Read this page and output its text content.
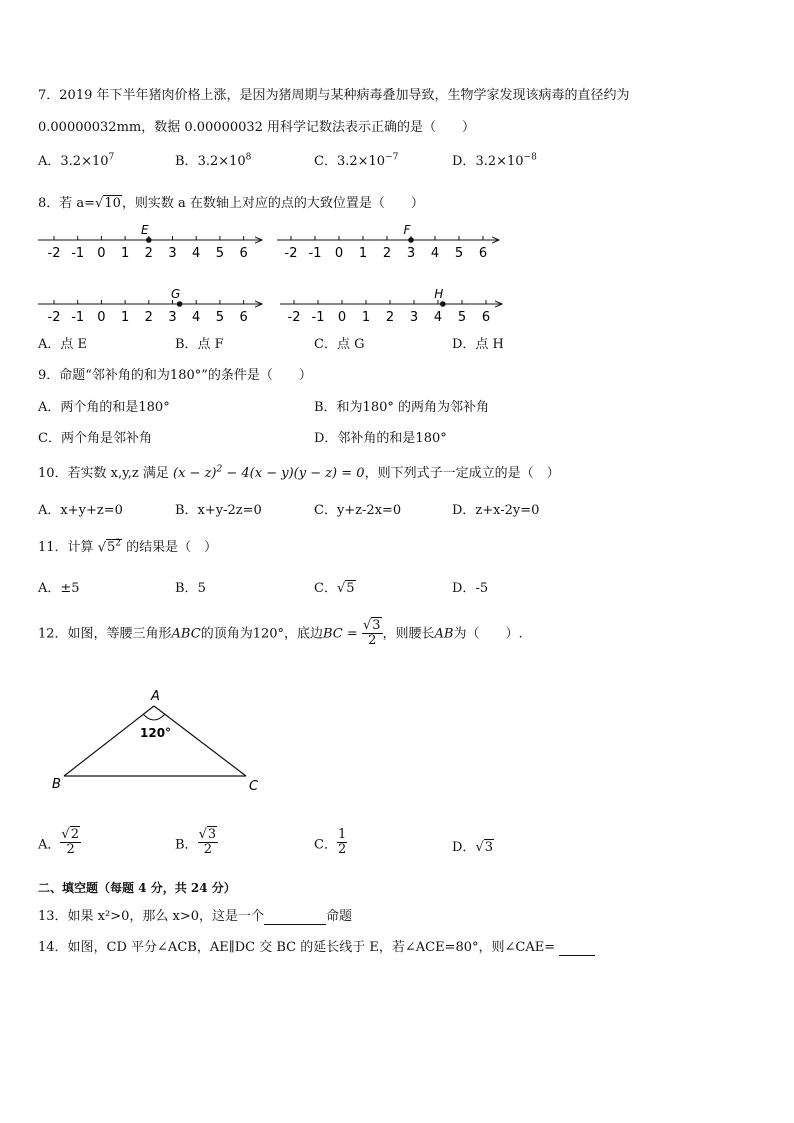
7．2019 年下半年猪肉价格上涨，是因为猪周期与某种病毒叠加导致，生物学家发现该病毒的直径约为
0.00000032mm，数据 0.00000032 用科学记数法表示正确的是（　　）
A．$3.2\times 10^7$	B．$3.2\times 10^8$	C．$3.2\times 10^{-7}$	D．$3.2\times 10^{-8}$
8．若 a=√10，则实数 a 在数轴上对应的点的大致位置是（　　）
-2 -1 0 1 2 3 4 5 6
E
-2 -1 0 1 2 3 4 5 6
F
-2 -1 0 1 2 3 4 5 6
G
-2 -1 0 1 2 3 4 5 6
H
A．点 E	B．点 F	C．点 G	D．点 H
9．命题“邻补角的和为180°”的条件是（　　）
A．两个角的和是180°	B．和为180° 的两角为邻补角
C．两个角是邻补角	D．邻补角的和是180°
10．若实数 x,y,z 满足 $(x - z)^2 - 4(x - y)(y - z) = 0$，则下列式子一定成立的是（　）
A．x+y+z=0	B．x+y-2z=0	C．y+z-2x=0	D．z+x-2y=0
11．计算 $√5^2$ 的结果是（　）
A．±5	B．5	C．√5	D．-5
12．如图，等腰三角形ABC的顶角为120°，底边BC = $\frac{√3}{2}$ ，则腰长AB为（　　）.
A
B	C
120°
A． $\frac{√2}{2}$	B． $\frac{√3}{2}$	C． $\frac{1}{2}$	D．√3
二、填空题（每题 4 分，共 24 分）
13．如果 x²>0，那么 x>0，这是一个	命题
14．如图，CD 平分∠ACB，AE∥DC 交 BC 的延长线于 E，若∠ACE=80°，则∠CAE=
